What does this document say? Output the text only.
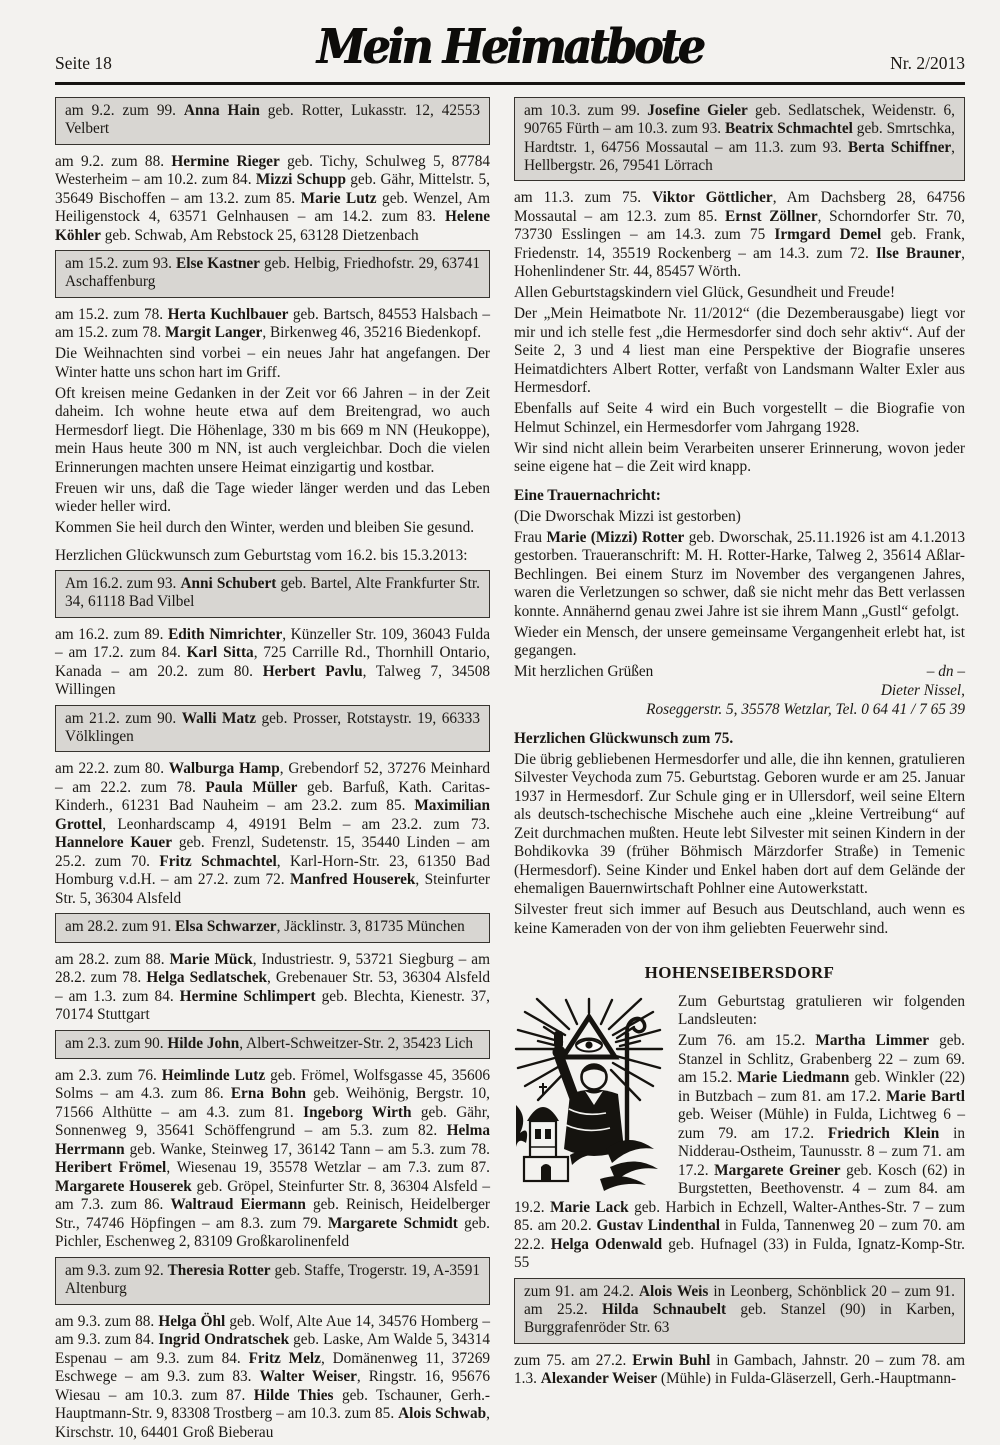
Seite 18	Mein Heimatbote	Nr. 2/2013
am 9.2. zum 99. Anna Hain geb. Rotter, Lukasstr. 12, 42553 Velbert

am 9.2. zum 88. Hermine Rieger geb. Tichy, Schulweg 5, 87784 Westerheim – am 10.2. zum 84. Mizzi Schupp geb. Gähr, Mittelstr. 5, 35649 Bischoffen – am 13.2. zum 85. Marie Lutz geb. Wenzel, Am Heiligenstock 4, 63571 Gelnhausen – am 14.2. zum 83. Helene Köhler geb. Schwab, Am Rebstock 25, 63128 Dietzenbach

am 15.2. zum 93. Else Kastner geb. Helbig, Friedhofstr. 29, 63741 Aschaffenburg

am 15.2. zum 78. Herta Kuchlbauer geb. Bartsch, 84553 Halsbach – am 15.2. zum 78. Margit Langer, Birkenweg 46, 35216 Biedenkopf.

Die Weihnachten sind vorbei – ein neues Jahr hat angefangen. Der Winter hatte uns schon hart im Griff.

Oft kreisen meine Gedanken in der Zeit vor 66 Jahren – in der Zeit daheim. Ich wohne heute etwa auf dem Breitengrad, wo auch Hermesdorf liegt. Die Höhenlage, 330 m bis 669 m NN (Heukoppe), mein Haus heute 300 m NN, ist auch vergleichbar. Doch die vielen Erinnerungen machten unsere Heimat einzigartig und kostbar.

Freuen wir uns, daß die Tage wieder länger werden und das Leben wieder heller wird.

Kommen Sie heil durch den Winter, werden und bleiben Sie gesund.

Herzlichen Glückwunsch zum Geburtstag vom 16.2. bis 15.3.2013:

Am 16.2. zum 93. Anni Schubert geb. Bartel, Alte Frankfurter Str. 34, 61118 Bad Vilbel

am 16.2. zum 89. Edith Nimrichter, Künzeller Str. 109, 36043 Fulda – am 17.2. zum 84. Karl Sitta, 725 Carrille Rd., Thornhill Ontario, Kanada – am 20.2. zum 80. Herbert Pavlu, Talweg 7, 34508 Willingen

am 21.2. zum 90. Walli Matz geb. Prosser, Rotstaystr. 19, 66333 Völklingen

am 22.2. zum 80. Walburga Hamp, Grebendorf 52, 37276 Meinhard – am 22.2. zum 78. Paula Müller geb. Barfuß, Kath. Caritas-Kinderh., 61231 Bad Nauheim – am 23.2. zum 85. Maximilian Grottel, Leonhardscamp 4, 49191 Belm – am 23.2. zum 73. Hannelore Kauer geb. Frenzl, Sudetenstr. 15, 35440 Linden – am 25.2. zum 70. Fritz Schmachtel, Karl-Horn-Str. 23, 61350 Bad Homburg v.d.H. – am 27.2. zum 72. Manfred Houserek, Steinfurter Str. 5, 36304 Alsfeld

am 28.2. zum 91. Elsa Schwarzer, Jäcklinstr. 3, 81735 München

am 28.2. zum 88. Marie Mück, Industriestr. 9, 53721 Siegburg – am 28.2. zum 78. Helga Sedlatschek, Grebenauer Str. 53, 36304 Alsfeld – am 1.3. zum 84. Hermine Schlimpert geb. Blechta, Kienestr. 37, 70174 Stuttgart

am 2.3. zum 90. Hilde John, Albert-Schweitzer-Str. 2, 35423 Lich

am 2.3. zum 76. Heimlinde Lutz geb. Frömel, Wolfsgasse 45, 35606 Solms – am 4.3. zum 86. Erna Bohn geb. Weihönig, Bergstr. 10, 71566 Althütte – am 4.3. zum 81. Ingeborg Wirth geb. Gähr, Sonnenweg 9, 35641 Schöffengrund – am 5.3. zum 82. Helma Herrmann geb. Wanke, Steinweg 17, 36142 Tann – am 5.3. zum 78. Heribert Frömel, Wiesenau 19, 35578 Wetzlar – am 7.3. zum 87. Margarete Houserek geb. Gröpel, Steinfurter Str. 8, 36304 Alsfeld – am 7.3. zum 86. Waltraud Eiermann geb. Reinisch, Heidelberger Str., 74746 Höpfingen – am 8.3. zum 79. Margarete Schmidt geb. Pichler, Eschenweg 2, 83109 Großkarolinenfeld

am 9.3. zum 92. Theresia Rotter geb. Staffe, Trogerstr. 19, A-3591 Altenburg

am 9.3. zum 88. Helga Öhl geb. Wolf, Alte Aue 14, 34576 Homberg – am 9.3. zum 84. Ingrid Ondratschek geb. Laske, Am Walde 5, 34314 Espenau – am 9.3. zum 84. Fritz Melz, Domänenweg 11, 37269 Eschwege – am 9.3. zum 83. Walter Weiser, Ringstr. 16, 95676 Wiesau – am 10.3. zum 87. Hilde Thies geb. Tschauner, Gerh.-Hauptmann-Str. 9, 83308 Trostberg – am 10.3. zum 85. Alois Schwab, Kirschstr. 10, 64401 Groß Bieberau

am 10.3. zum 99. Josefine Gieler geb. Sedlatschek, Weidenstr. 6, 90765 Fürth – am 10.3. zum 93. Beatrix Schmachtel geb. Smrtschka, Hardtstr. 1, 64756 Mossautal – am 11.3. zum 93. Berta Schiffner, Hellbergstr. 26, 79541 Lörrach

am 11.3. zum 75. Viktor Göttlicher, Am Dachsberg 28, 64756 Mossautal – am 12.3. zum 85. Ernst Zöllner, Schorndorfer Str. 70, 73730 Esslingen – am 14.3. zum 75 Irmgard Demel geb. Frank, Friedenstr. 14, 35519 Rockenberg – am 14.3. zum 72. Ilse Brauner, Hohenlindener Str. 44, 85457 Wörth.

Allen Geburtstagskindern viel Glück, Gesundheit und Freude!

Der „Mein Heimatbote Nr. 11/2012“ (die Dezemberausgabe) liegt vor mir und ich stelle fest „die Hermesdorfer sind doch sehr aktiv“. Auf der Seite 2, 3 und 4 liest man eine Perspektive der Biografie unseres Heimatdichters Albert Rotter, verfaßt von Landsmann Walter Exler aus Hermesdorf.

Ebenfalls auf Seite 4 wird ein Buch vorgestellt – die Biografie von Helmut Schinzel, ein Hermesdorfer vom Jahrgang 1928.

Wir sind nicht allein beim Verarbeiten unserer Erinnerung, wovon jeder seine eigene hat – die Zeit wird knapp.

Eine Trauernachricht:

(Die Dworschak Mizzi ist gestorben)

Frau Marie (Mizzi) Rotter geb. Dworschak, 25.11.1926 ist am 4.1.2013 gestorben. Traueranschrift: M. H. Rotter-Harke, Talweg 2, 35614 Aßlar-Bechlingen. Bei einem Sturz im November des vergangenen Jahres, waren die Verletzungen so schwer, daß sie nicht mehr das Bett verlassen konnte. Annähernd genau zwei Jahre ist sie ihrem Mann „Gustl“ gefolgt.

Wieder ein Mensch, der unsere gemeinsame Vergangenheit erlebt hat, ist gegangen.

Mit herzlichen Grüßen	– dn –

Dieter Nissel,

Roseggerstr. 5, 35578 Wetzlar, Tel. 0 64 41 / 7 65 39

Herzlichen Glückwunsch zum 75.

Die übrig gebliebenen Hermesdorfer und alle, die ihn kennen, gratulieren Silvester Veychoda zum 75. Geburtstag. Geboren wurde er am 25. Januar 1937 in Hermesdorf. Zur Schule ging er in Ullersdorf, weil seine Eltern als deutsch-tschechische Mischehe auch eine „kleine Vertreibung“ auf Zeit durchmachen mußten. Heute lebt Silvester mit seinen Kindern in der Bohdikovka 39 (früher Böhmisch Märzdorfer Straße) in Temenic (Hermesdorf). Seine Kinder und Enkel haben dort auf dem Gelände der ehemaligen Bauernwirtschaft Pohlner eine Autowerkstatt.

Silvester freut sich immer auf Besuch aus Deutschland, auch wenn es keine Kameraden von der von ihm geliebten Feuerwehr sind.

HOHENSEIBERSDORF

Zum Geburtstag gratulieren wir folgenden Landsleuten:

Zum 76. am 15.2. Martha Limmer geb. Stanzel in Schlitz, Grabenberg 22 – zum 69. am 15.2. Marie Liedmann geb. Winkler (22) in Butzbach – zum 81. am 17.2. Marie Bartl geb. Weiser (Mühle) in Fulda, Lichtweg 6 – zum 79. am 17.2. Friedrich Klein in Nidderau-Ostheim, Taunusstr. 8 – zum 71. am 17.2. Margarete Greiner geb. Kosch (62) in Burgstetten, Beethovenstr. 4 – zum 84. am 19.2. Marie Lack geb. Harbich in Echzell, Walter-Anthes-Str. 7 – zum 85. am 20.2. Gustav Lindenthal in Fulda, Tannenweg 20 – zum 70. am 22.2. Helga Odenwald geb. Hufnagel (33) in Fulda, Ignatz-Komp-Str. 55

zum 91. am 24.2. Alois Weis in Leonberg, Schönblick 20 – zum 91. am 25.2. Hilda Schnaubelt geb. Stanzel (90) in Karben, Burggrafenröder Str. 63

zum 75. am 27.2. Erwin Buhl in Gambach, Jahnstr. 20 – zum 78. am 1.3. Alexander Weiser (Mühle) in Fulda-Gläserzell, Gerh.-Hauptmann-
